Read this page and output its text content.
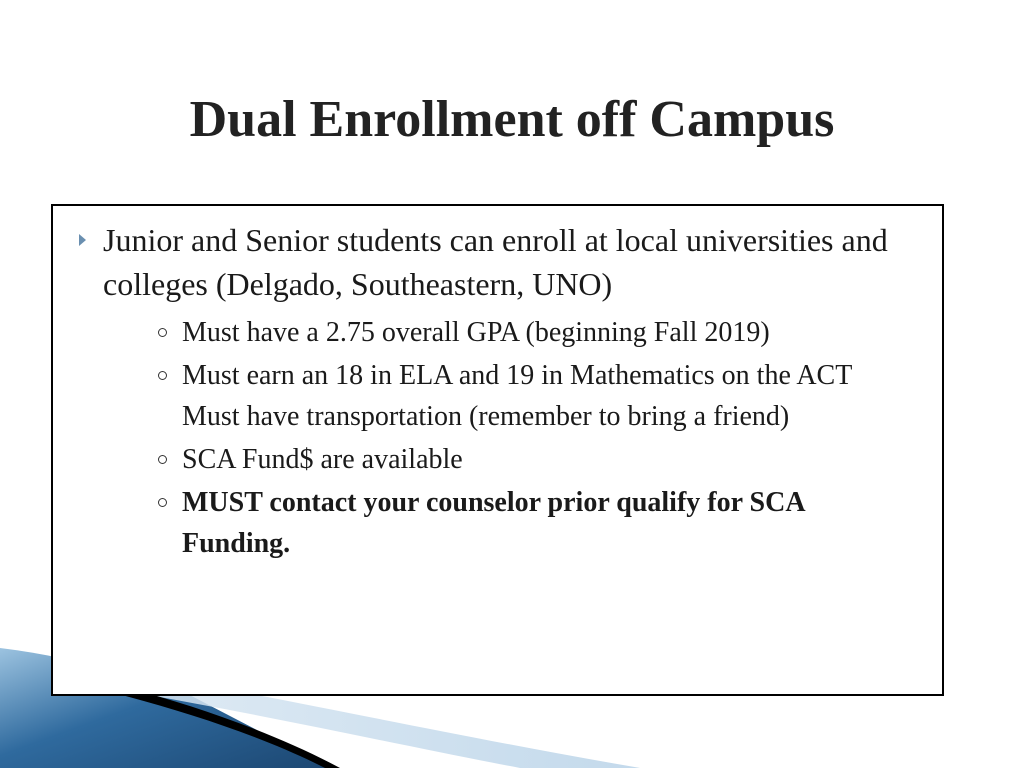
Dual Enrollment off Campus
Junior and Senior students can enroll at local universities and colleges (Delgado, Southeastern, UNO)
Must have a 2.75 overall GPA (beginning Fall 2019)
Must earn an 18 in ELA and 19 in Mathematics on the ACT Must have transportation (remember to bring a friend)
SCA Fund$ are available
MUST contact your counselor prior qualify for SCA Funding.
